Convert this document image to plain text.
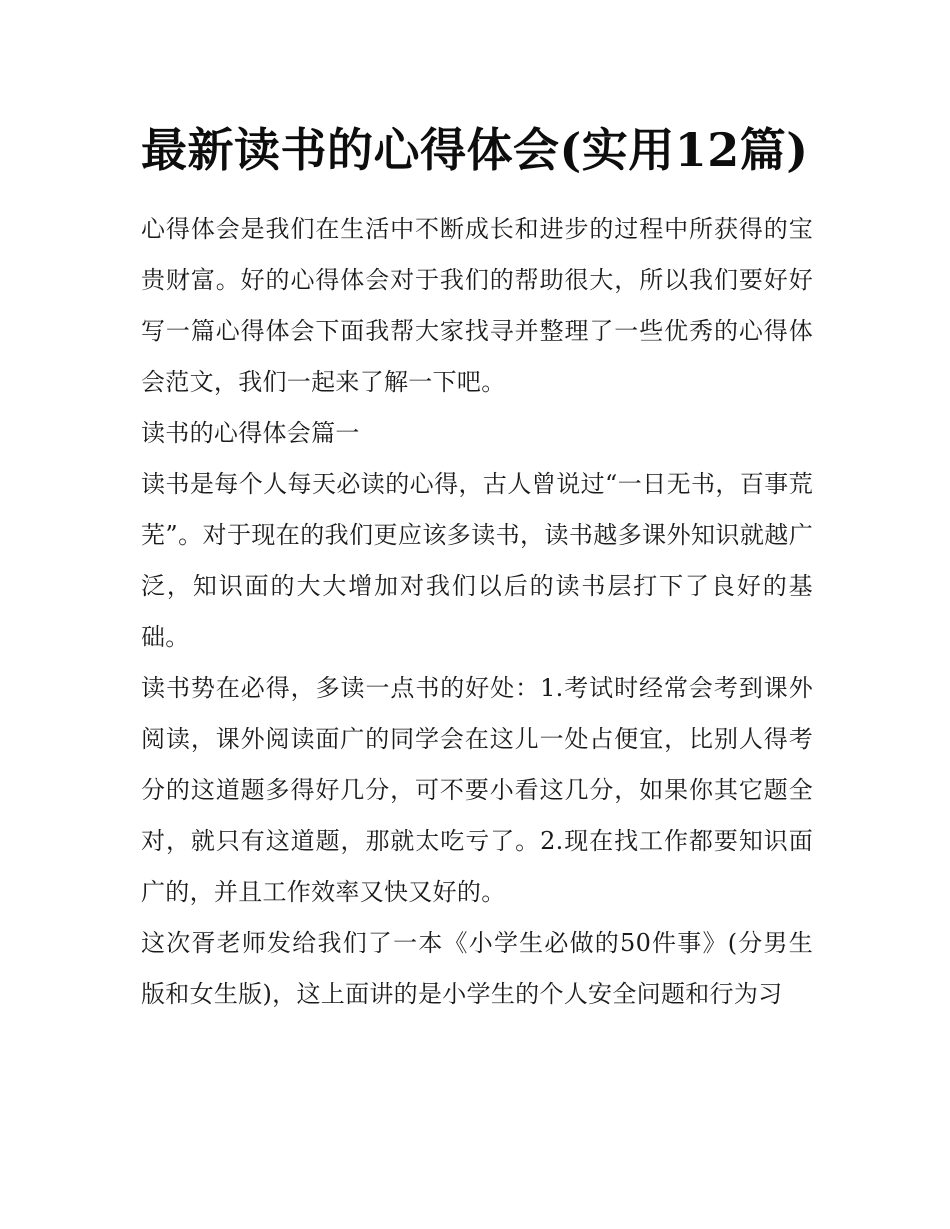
最新读书的心得体会(实用12篇)

心得体会是我们在生活中不断成长和进步的过程中所获得的宝贵财富。好的心得体会对于我们的帮助很大，所以我们要好好写一篇心得体会下面我帮大家找寻并整理了一些优秀的心得体会范文，我们一起来了解一下吧。

读书的心得体会篇一

读书是每个人每天必读的心得，古人曾说过“一日无书，百事荒芜”。对于现在的我们更应该多读书，读书越多课外知识就越广泛，知识面的大大增加对我们以后的读书层打下了良好的基础。

读书势在必得，多读一点书的好处：1.考试时经常会考到课外阅读，课外阅读面广的同学会在这儿一处占便宜，比别人得考分的这道题多得好几分，可不要小看这几分，如果你其它题全对，就只有这道题，那就太吃亏了。2.现在找工作都要知识面广的，并且工作效率又快又好的。

这次胥老师发给我们了一本《小学生必做的50件事》(分男生版和女生版)，这上面讲的是小学生的个人安全问题和行为习
